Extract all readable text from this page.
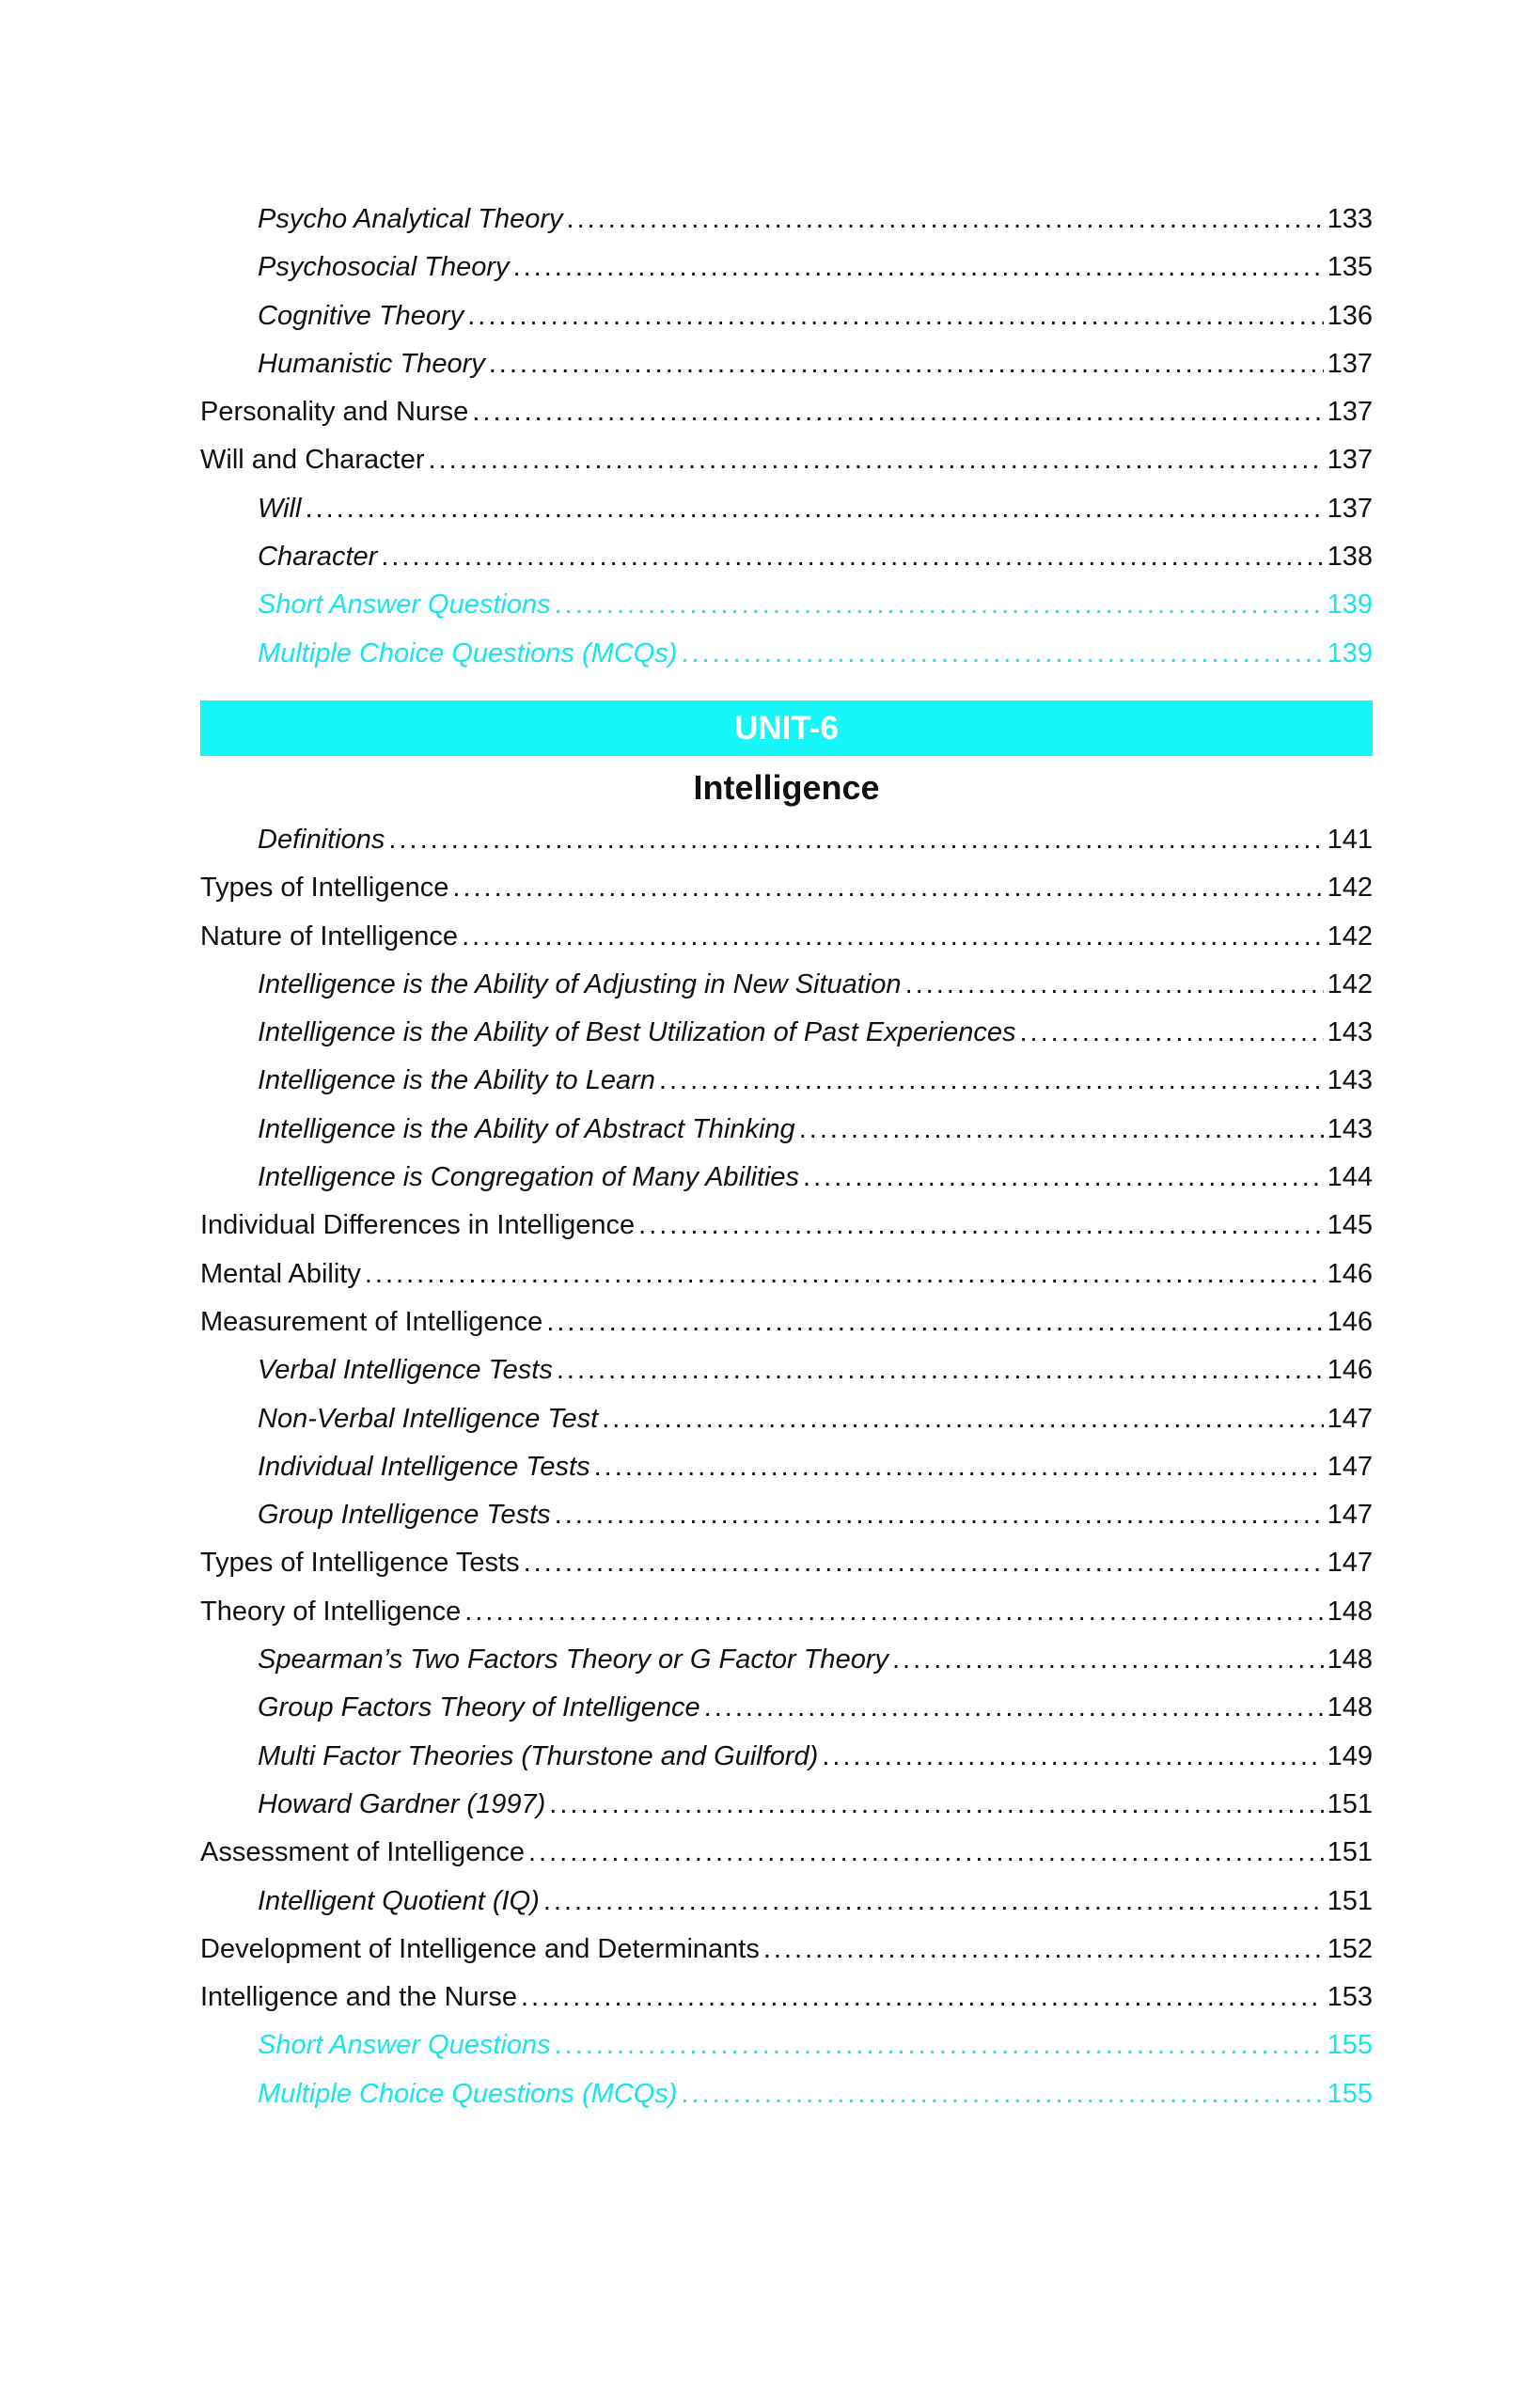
Psycho Analytical Theory .....	133
Psychosocial Theory .....	135
Cognitive Theory .....	136
Humanistic Theory .....	137
Personality and Nurse .....	137
Will and Character .....	137
Will .....	137
Character .....	138
Short Answer Questions .....	139
Multiple Choice Questions (MCQs) .....	139
UNIT-6
Intelligence
Definitions .....	141
Types of Intelligence .....	142
Nature of Intelligence .....	142
Intelligence is the Ability of Adjusting in New Situation .....	142
Intelligence is the Ability of Best Utilization of Past Experiences .....	143
Intelligence is the Ability to Learn .....	143
Intelligence is the Ability of Abstract Thinking .....	143
Intelligence is Congregation of Many Abilities .....	144
Individual Differences in Intelligence .....	145
Mental Ability .....	146
Measurement of Intelligence .....	146
Verbal Intelligence Tests .....	146
Non-Verbal Intelligence Test .....	147
Individual Intelligence Tests .....	147
Group Intelligence Tests .....	147
Types of Intelligence Tests .....	147
Theory of Intelligence .....	148
Spearman’s Two Factors Theory or G Factor Theory .....	148
Group Factors Theory of Intelligence .....	148
Multi Factor Theories (Thurstone and Guilford) .....	149
Howard Gardner (1997) .....	151
Assessment of Intelligence .....	151
Intelligent Quotient (IQ) .....	151
Development of Intelligence and Determinants .....	152
Intelligence and the Nurse .....	153
Short Answer Questions .....	155
Multiple Choice Questions (MCQs) .....	155
